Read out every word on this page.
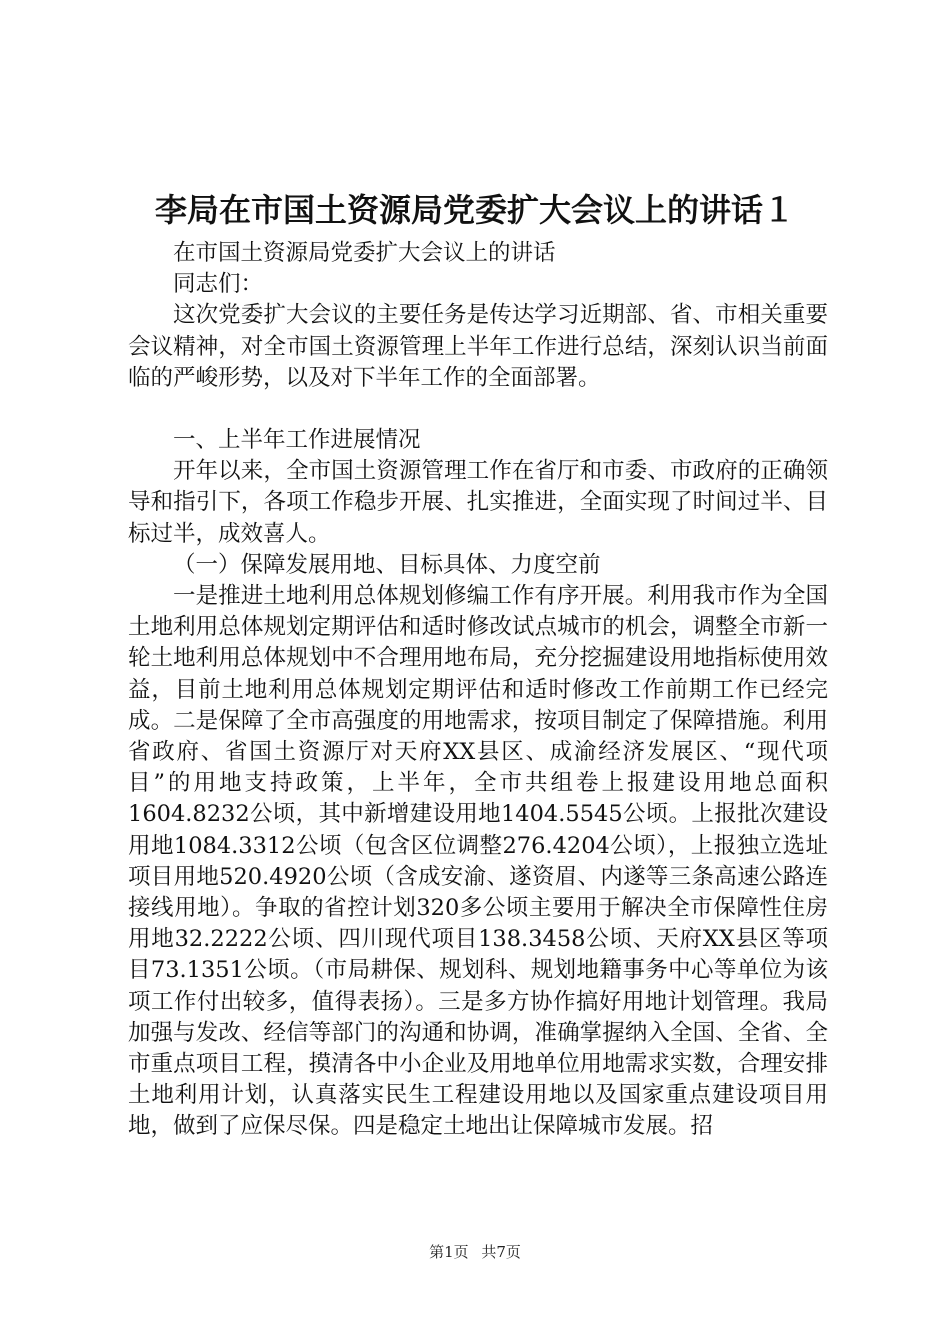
李局在市国土资源局党委扩大会议上的讲话１

在市国土资源局党委扩大会议上的讲话

同志们：

这次党委扩大会议的主要任务是传达学习近期部、省、市相关重要会议精神，对全市国土资源管理上半年工作进行总结，深刻认识当前面临的严峻形势，以及对下半年工作的全面部署。

一、上半年工作进展情况

开年以来，全市国土资源管理工作在省厅和市委、市政府的正确领导和指引下，各项工作稳步开展、扎实推进，全面实现了时间过半、目标过半，成效喜人。

（一）保障发展用地、目标具体、力度空前

一是推进土地利用总体规划修编工作有序开展。利用我市作为全国土地利用总体规划定期评估和适时修改试点城市的机会，调整全市新一轮土地利用总体规划中不合理用地布局，充分挖掘建设用地指标使用效益，目前土地利用总体规划定期评估和适时修改工作前期工作已经完成。二是保障了全市高强度的用地需求，按项目制定了保障措施。利用省政府、省国土资源厅对天府XX县区、成渝经济发展区、“现代项目”的用地支持政策，上半年，全市共组卷上报建设用地总面积1604.8232公顷，其中新增建设用地1404.5545公顷。上报批次建设用地1084.3312公顷（包含区位调整276.4204公顷），上报独立选址项目用地520.4920公顷（含成安渝、遂资眉、内遂等三条高速公路连接线用地）。争取的省控计划320多公顷主要用于解决全市保障性住房用地32.2222公顷、四川现代项目138.3458公顷、天府XX县区等项目73.1351公顷。（市局耕保、规划科、规划地籍事务中心等单位为该项工作付出较多，值得表扬）。三是多方协作搞好用地计划管理。我局加强与发改、经信等部门的沟通和协调，准确掌握纳入全国、全省、全市重点项目工程，摸清各中小企业及用地单位用地需求实数，合理安排土地利用计划，认真落实民生工程建设用地以及国家重点建设项目用地，做到了应保尽保。四是稳定土地出让保障城市发展。招

第1页 共7页
